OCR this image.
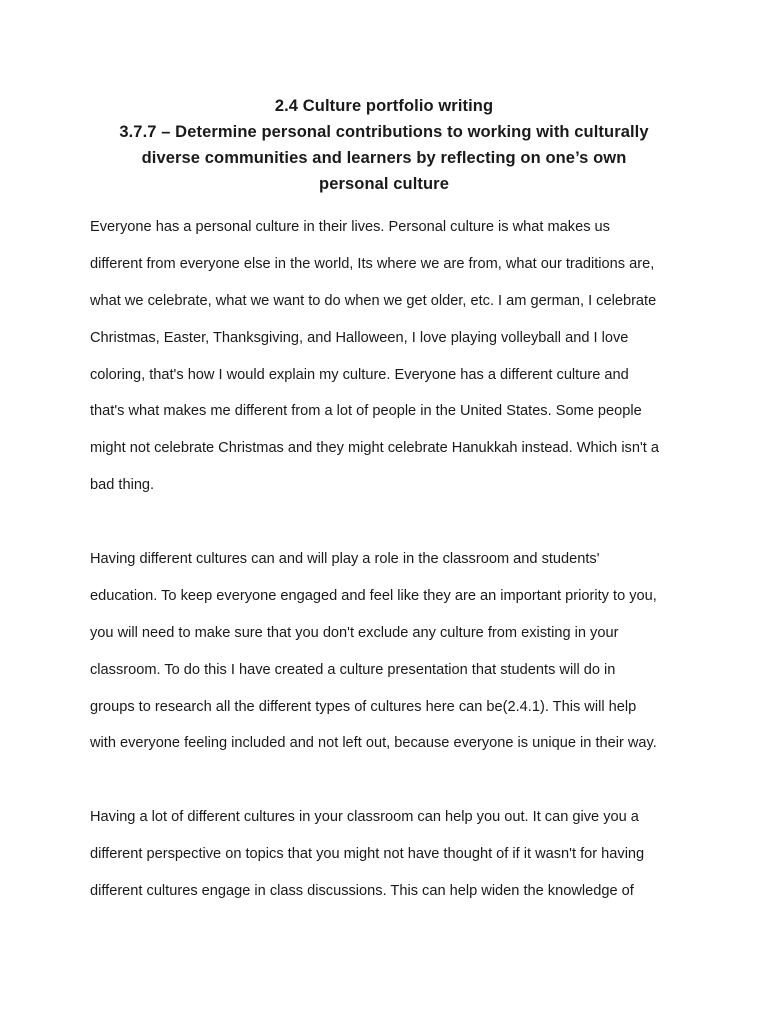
2.4 Culture portfolio writing
3.7.7 – Determine personal contributions to working with culturally
diverse communities and learners by reflecting on one’s own
personal culture
Everyone has a personal culture in their lives. Personal culture is what makes us
different from everyone else in the world, Its where we are from, what our traditions are,
what we celebrate, what we want to do when we get older, etc. I am german, I celebrate
Christmas, Easter, Thanksgiving, and Halloween, I love playing volleyball and I love
coloring, that's how I would explain my culture. Everyone has a different culture and
that's what makes me different from a lot of people in the United States. Some people
might not celebrate Christmas and they might celebrate Hanukkah instead. Which isn't a
bad thing.
Having different cultures can and will play a role in the classroom and students'
education. To keep everyone engaged and feel like they are an important priority to you,
you will need to make sure that you don't exclude any culture from existing in your
classroom. To do this I have created a culture presentation that students will do in
groups to research all the different types of cultures here can be(2.4.1). This will help
with everyone feeling included and not left out, because everyone is unique in their way.
Having a lot of different cultures in your classroom can help you out. It can give you a
different perspective on topics that you might not have thought of if it wasn't for having
different cultures engage in class discussions. This can help widen the knowledge of
